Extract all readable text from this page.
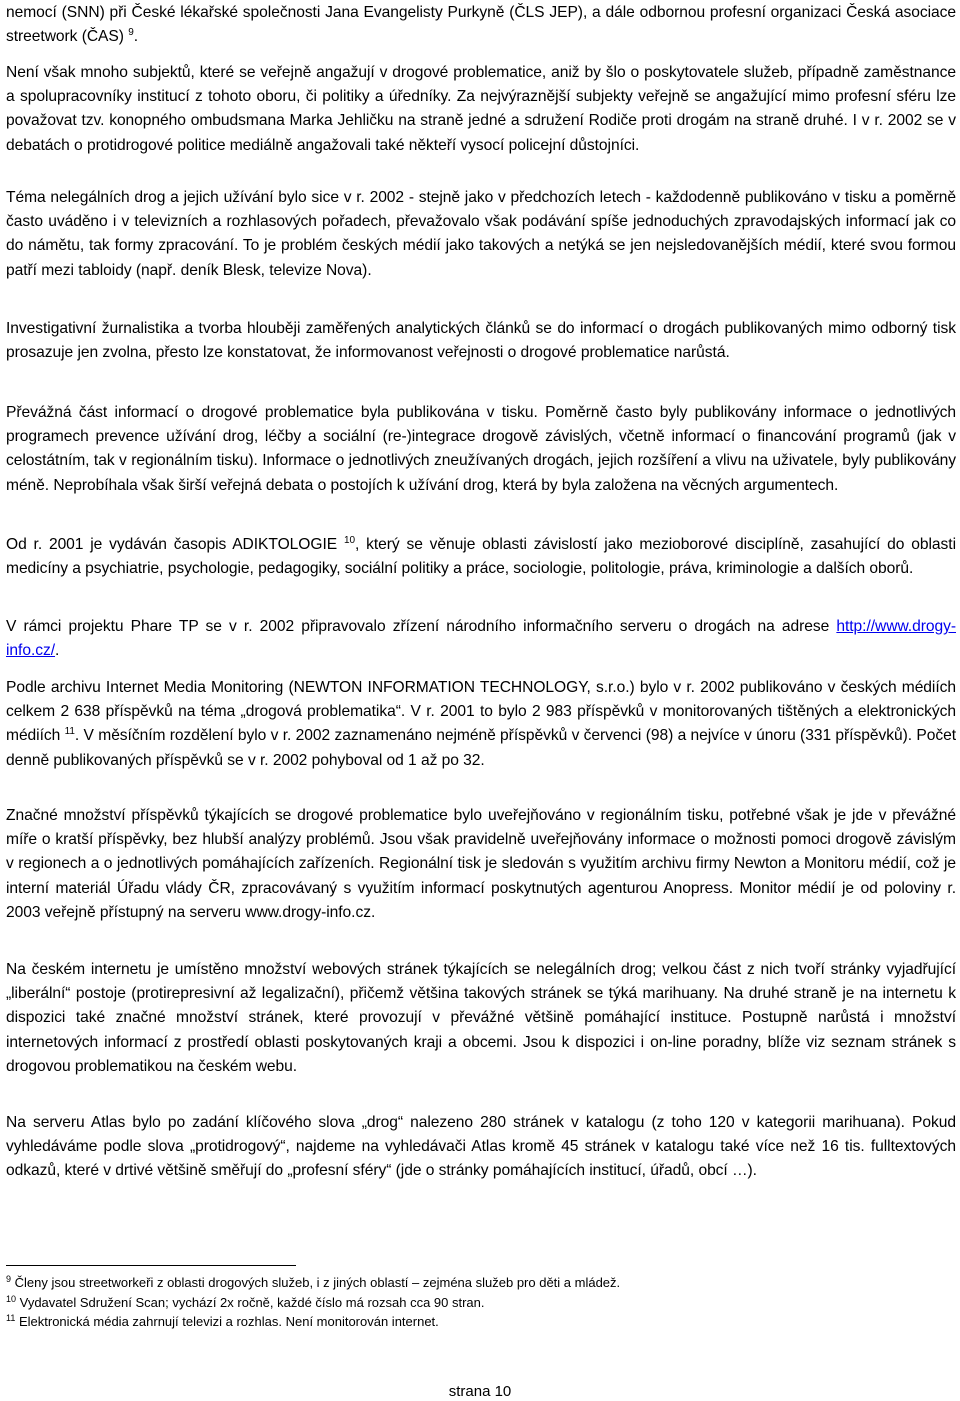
nemocí (SNN) při České lékařské společnosti Jana Evangelisty Purkyně (ČLS JEP), a dále odbornou profesní organizaci Česká asociace streetwork (ČAS) $^9$.

Není však mnoho subjektů, které se veřejně angažují v drogové problematice, aniž by šlo o poskytovatele služeb, případně zaměstnance a spolupracovníky institucí z tohoto oboru, či politiky a úředníky. Za nejvýraznější subjekty veřejně se angažující mimo profesní sféru lze považovat tzv. konopného ombudsmana Marka Jehličku na straně jedné a sdružení Rodiče proti drogám na straně druhé. I v r. 2002 se v debatách o protidrogové politice mediálně angažovali také někteří vysocí policejní důstojníci.

Téma nelegálních drog a jejich užívání bylo sice v r. 2002 - stejně jako v předchozích letech - každodenně publikováno v tisku a poměrně často uváděno i v televizních a rozhlasových pořadech, převažovalo však podávání spíše jednoduchých zpravodajských informací jak co do námětu, tak formy zpracování. To je problém českých médií jako takových a netýká se jen nejsledovanějších médií, které svou formou patří mezi tabloidy (např. deník Blesk, televize Nova).

Investigativní žurnalistika a tvorba hlouběji zaměřených analytických článků se do informací o drogách publikovaných mimo odborný tisk prosazuje jen zvolna, přesto lze konstatovat, že informovanost veřejnosti o drogové problematice narůstá.

Převážná část informací o drogové problematice byla publikována v tisku. Poměrně často byly publikovány informace o jednotlivých programech prevence užívání drog, léčby a sociální (re-)integrace drogově závislých, včetně informací o financování programů (jak v celostátním, tak v regionálním tisku). Informace o jednotlivých zneužívaných drogách, jejich rozšíření a vlivu na uživatele, byly publikovány méně. Neprobíhala však širší veřejná debata o postojích k užívání drog, která by byla založena na věcných argumentech.

Od r. 2001 je vydáván časopis ADIKTOLOGIE $^{10}$, který se věnuje oblasti závislostí jako mezioborové disciplíně, zasahující do oblasti medicíny a psychiatrie, psychologie, pedagogiky, sociální politiky a práce, sociologie, politologie, práva, kriminologie a dalších oborů.

V rámci projektu Phare TP se v r. 2002 připravovalo zřízení národního informačního serveru o drogách na adrese http://www.drogy-info.cz/.

Podle archivu Internet Media Monitoring (NEWTON INFORMATION TECHNOLOGY, s.r.o.) bylo v r. 2002 publikováno v českých médiích celkem 2 638 příspěvků na téma „drogová problematika“. V r. 2001 to bylo 2 983 příspěvků v monitorovaných tištěných a elektronických médiích $^{11}$. V měsíčním rozdělení bylo v r. 2002 zaznamenáno nejméně příspěvků v červenci (98) a nejvíce v únoru (331 příspěvků). Počet denně publikovaných příspěvků se v r. 2002 pohyboval od 1 až po 32.

Značné množství příspěvků týkajících se drogové problematice bylo uveřejňováno v regionálním tisku, potřebné však je jde v převážné míře o kratší příspěvky, bez hlubší analýzy problémů. Jsou však pravidelně uveřejňovány informace o možnosti pomoci drogově závislým v regionech a o jednotlivých pomáhajících zařízeních. Regionální tisk je sledován s využitím archivu firmy Newton a Monitoru médií, což je interní materiál Úřadu vlády ČR, zpracovávaný s využitím informací poskytnutých agenturou Anopress. Monitor médií je od poloviny r. 2003 veřejně přístupný na serveru www.drogy-info.cz.

Na českém internetu je umístěno množství webových stránek týkajících se nelegálních drog; velkou část z nich tvoří stránky vyjadřující „liberální“ postoje (protirepresivní až legalizační), přičemž většina takových stránek se týká marihuany. Na druhé straně je na internetu k dispozici také značné množství stránek, které provozují v převážné většině pomáhající instituce. Postupně narůstá i množství internetových informací z prostředí oblasti poskytovaných kraji a obcemi. Jsou k dispozici i on-line poradny, blíže viz seznam stránek s drogovou problematikou na českém webu.

Na serveru Atlas bylo po zadání klíčového slova „drog“ nalezeno 280 stránek v katalogu (z toho 120 v kategorii marihuana). Pokud vyhledáváme podle slova „protidrogový“, najdeme na vyhledávači Atlas kromě 45 stránek v katalogu také více než 16 tis. fulltextových odkazů, které v drtivé většině směřují do „profesní sféry“ (jde o stránky pomáhajících institucí, úřadů, obcí …).

$^9$ Členy jsou streetworkeři z oblasti drogových služeb, i z jiných oblastí – zejména služeb pro děti a mládež.

$^{10}$ Vydavatel Sdružení Scan; vychází 2x ročně, každé číslo má rozsah cca 90 stran.

$^{11}$ Elektronická média zahrnují televizi a rozhlas. Není monitorován internet.

strana 10
